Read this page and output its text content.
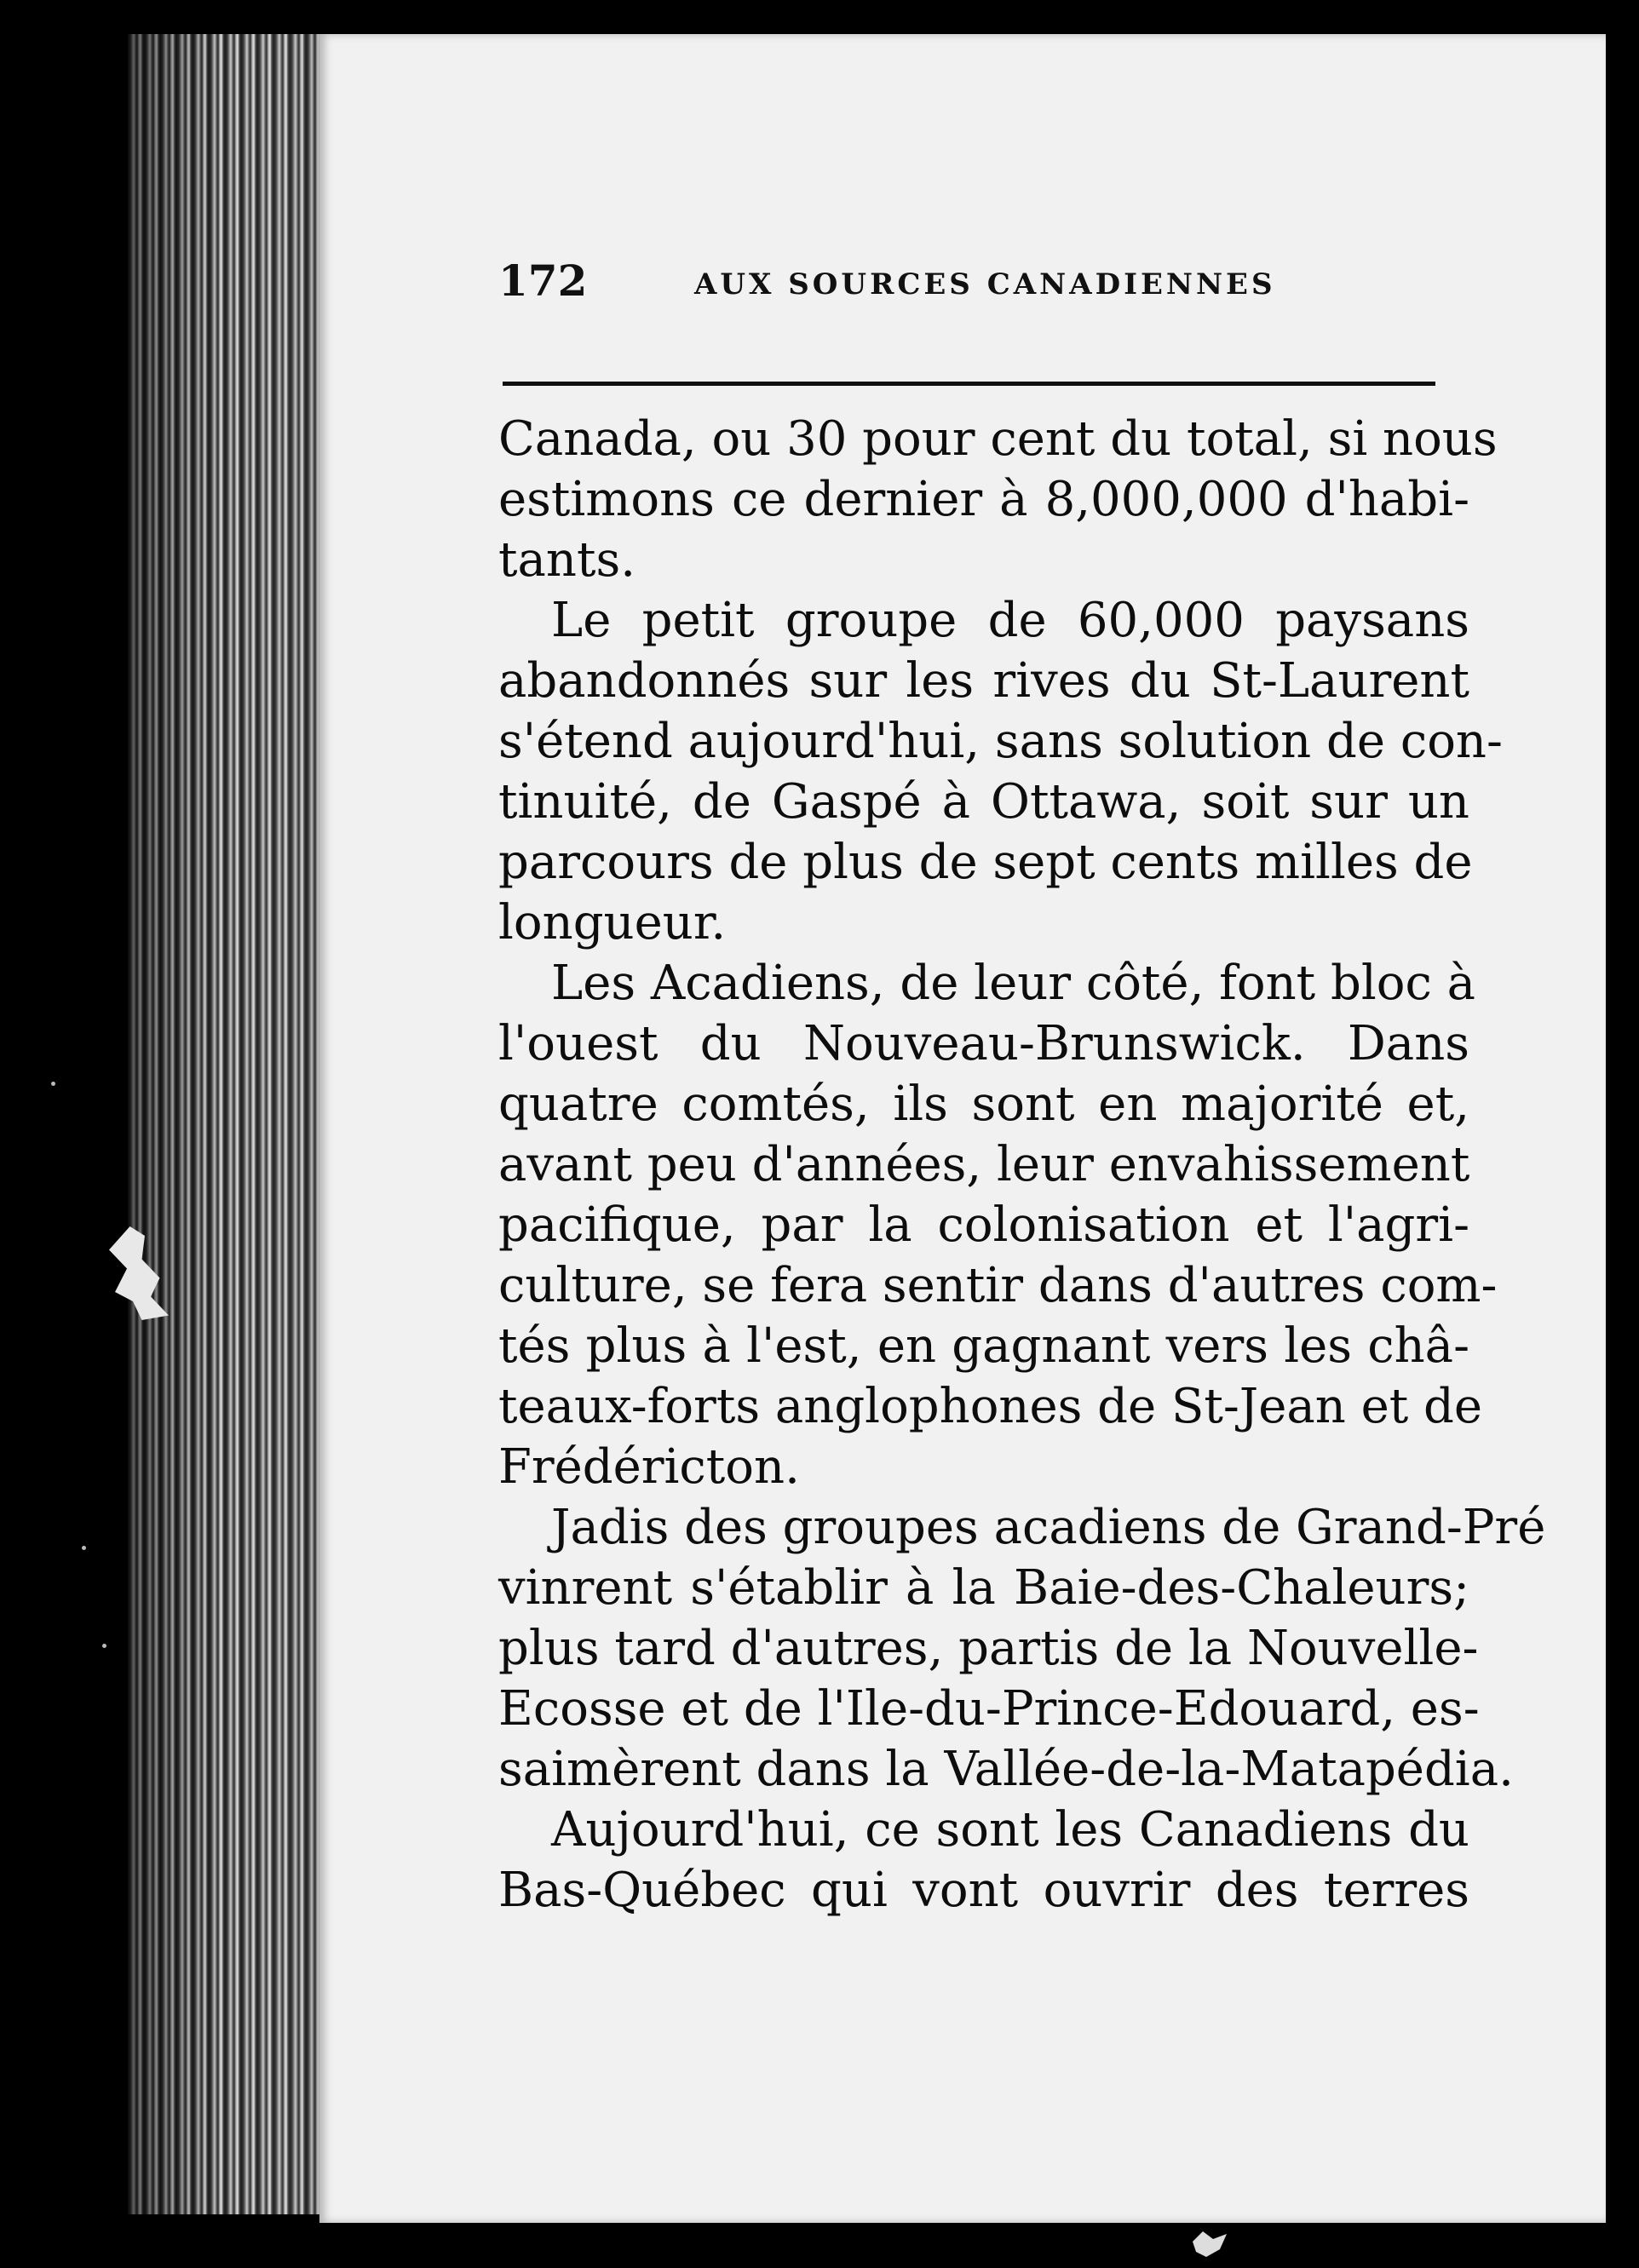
172	AUX SOURCES CANADIENNES
Canada, ou 30 pour cent du total, si nous
estimons ce dernier à 8,000,000 d'habi-
tants.
Le petit groupe de 60,000 paysans
abandonnés sur les rives du St-Laurent
s'étend aujourd'hui, sans solution de con-
tinuité, de Gaspé à Ottawa, soit sur un
parcours de plus de sept cents milles de
longueur.
Les Acadiens, de leur côté, font bloc à
l'ouest du Nouveau-Brunswick. Dans
quatre comtés, ils sont en majorité et,
avant peu d'années, leur envahissement
pacifique, par la colonisation et l'agri-
culture, se fera sentir dans d'autres com-
tés plus à l'est, en gagnant vers les châ-
teaux-forts anglophones de St-Jean et de
Frédéricton.
Jadis des groupes acadiens de Grand-Pré
vinrent s'établir à la Baie-des-Chaleurs;
plus tard d'autres, partis de la Nouvelle-
Ecosse et de l'Ile-du-Prince-Edouard, es-
saimèrent dans la Vallée-de-la-Matapédia.
Aujourd'hui, ce sont les Canadiens du
Bas-Québec qui vont ouvrir des terres
